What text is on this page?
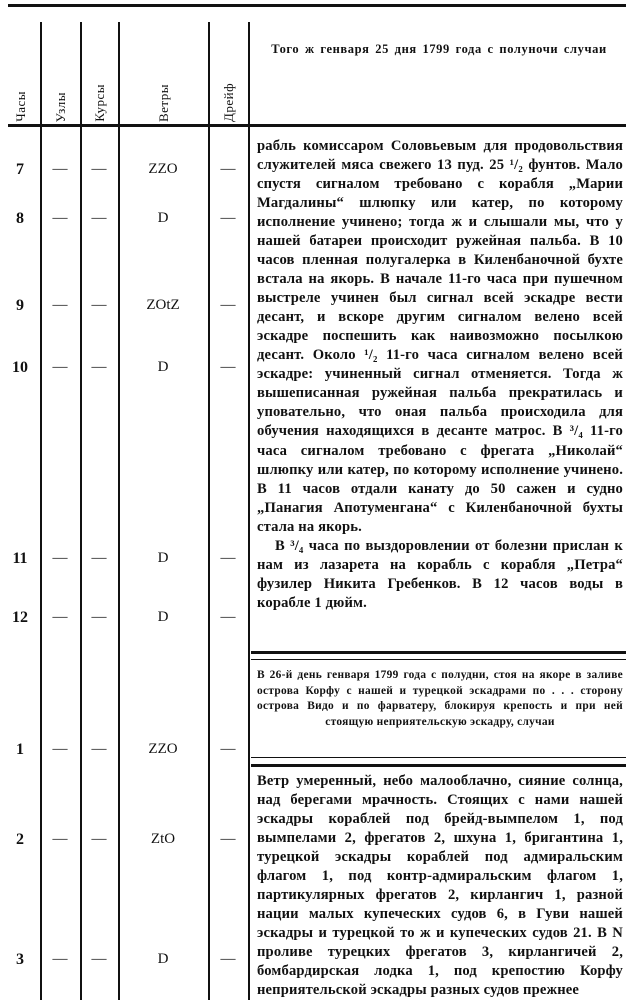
Часы Узлы Курсы	Ветры	Дрейф
Того ж генваря 25 дня 1799 года с полуночи случаи
7	—	—	ZZO	—
8	—	—	D	—
9	—	—	ZOtZ	—
10	—	—	D	—
11	—	—	D	—
12	—	—	D	—

рабль комиссаром Соловьевым для продовольствия служителей мяса свежего 13 пуд. 25 ¹/₂ фунтов. Мало спустя сигналом требовано с корабля „Марии Магдалины“ шлюпку или катер, по которому исполнение учинено; тогда ж и слышали мы, что у нашей батареи происходит ружейная пальба. В 10 часов пленная полугалерка в Киленбаночной бухте встала на якорь. В начале 11-го часа при пушечном выстреле учинен был сигнал всей эскадре вести десант, и вскоре другим сигналом велено всей эскадре поспешить как наивозможно посылкою десант. Около ¹/₂ 11-го часа сигналом велено всей эскадре: учиненный сигнал отменяется. Тогда ж вышеписанная ружейная пальба прекратилась и уповательно, что оная пальба происходила для обучения находящихся в десанте матрос. В ³/₄ 11-го часа сигналом требовано с фрегата „Николай“ шлюпку или катер, по которому исполнение учинено. В 11 часов отдали канату до 50 сажен и судно „Панагия Апотуменгана“ с Киленбаночной бухты стала на якорь.

В ³/₄ часа по выздоровлении от болезни прислан к нам из лазарета на корабль с корабля „Петра“ фузилер Никита Гребенков. В 12 часов воды в корабле 1 дюйм.

В 26-й день генваря 1799 года с полудни, стоя на якоре в заливе острова Корфу с нашей и турецкой эскадрами по . . . сторону острова Видо и по фарватеру, блокируя крепость и при ней стоящую неприятельскую эскадру, случаи

1	—	—	ZZO	—
2	—	—	ZtO	—
3	—	—	D	—

Ветр умеренный, небо малооблачно, сияние солнца, над берегами мрачность. Стоящих с нами нашей эскадры кораблей под брейд-вымпелом 1, под вымпелами 2, фрегатов 2, шхуна 1, бригантина 1, турецкой эскадры кораблей под адмиральским флагом 1, под контр-адмиральским флагом 1, партикулярных фрегатов 2, кирлангич 1, разной нации малых купеческих судов 6, в Гуви нашей эскадры и турецкой то ж и купеческих судов 21. В N проливе турецких фрегатов 3, кирлангичей 2, бомбардирская лодка 1, под крепостию Корфу неприятельской эскадры разных судов прежнее
